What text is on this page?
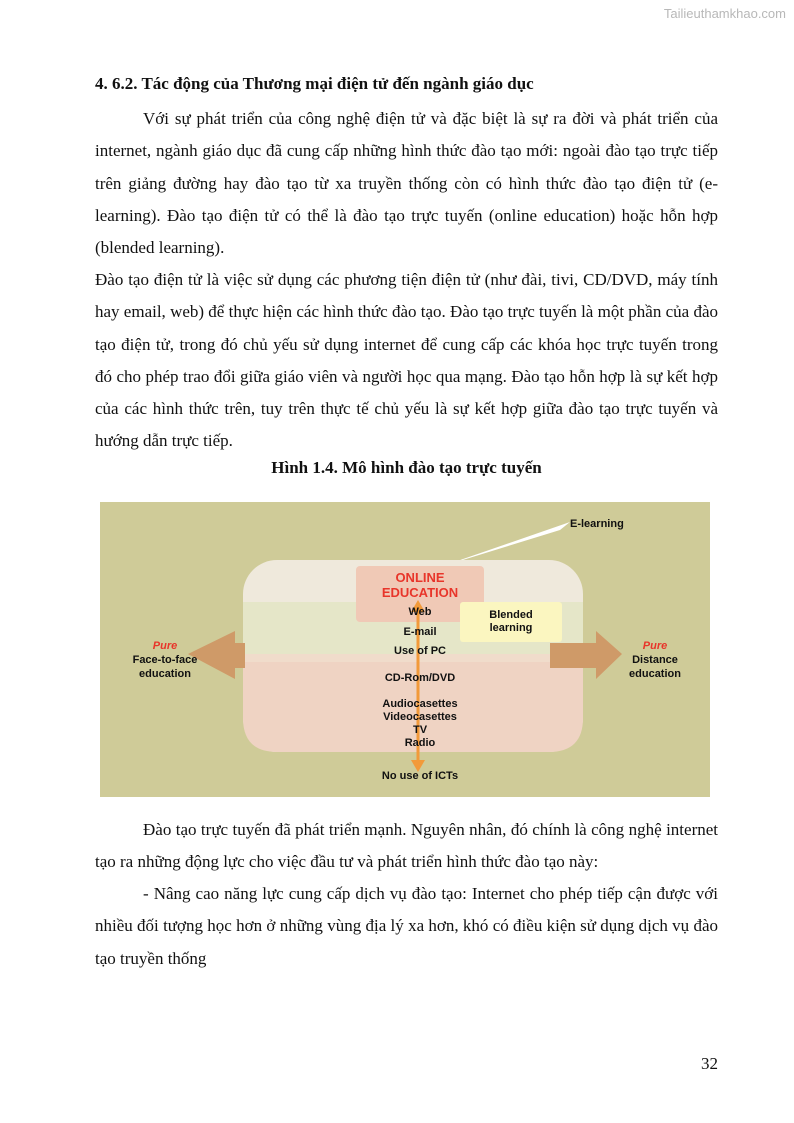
Tailieuthamkhao.com
4. 6.2. Tác động của Thương mại điện tử đến ngành giáo dục
Với sự phát triển của công nghệ điện tử và đặc biệt là sự ra đời và phát triển của internet, ngành giáo dục đã cung cấp những hình thức đào tạo mới: ngoài đào tạo trực tiếp trên giảng đường hay đào tạo từ xa truyền thống còn có hình thức đào tạo điện tử (e-learning). Đào tạo điện tử có thể là đào tạo trực tuyến (online education) hoặc hỗn hợp (blended learning).
Đào tạo điện tử là việc sử dụng các phương tiện điện tử (như đài, tivi, CD/DVD, máy tính hay email, web) để thực hiện các hình thức đào tạo. Đào tạo trực tuyến là một phần của đào tạo điện tử, trong đó chủ yếu sử dụng internet để cung cấp các khóa học trực tuyến trong đó cho phép trao đổi giữa giáo viên và người học qua mạng. Đào tạo hỗn hợp là sự kết hợp của các hình thức trên, tuy trên thực tế chủ yếu là sự kết hợp giữa đào tạo trực tuyến và hướng dẫn trực tiếp.
Hình 1.4. Mô hình đào tạo trực tuyến
E-learning
ONLINE
EDUCATION
Blended
learning
Web
E-mail
Use of PC
CD-Rom/DVD
Audiocasettes
Videocasettes
TV
Radio
No use of ICTs
Pure
Face-to-face
education
Pure
Distance
education
Đào tạo trực tuyến đã phát triển mạnh. Nguyên nhân, đó chính là công nghệ internet tạo ra những động lực cho việc đầu tư và phát triển hình thức đào tạo này:
- Nâng cao năng lực cung cấp dịch vụ đào tạo: Internet cho phép tiếp cận được với nhiều đối tượng học hơn ở những vùng địa lý xa hơn, khó có điều kiện sử dụng dịch vụ đào tạo truyền thống
32
